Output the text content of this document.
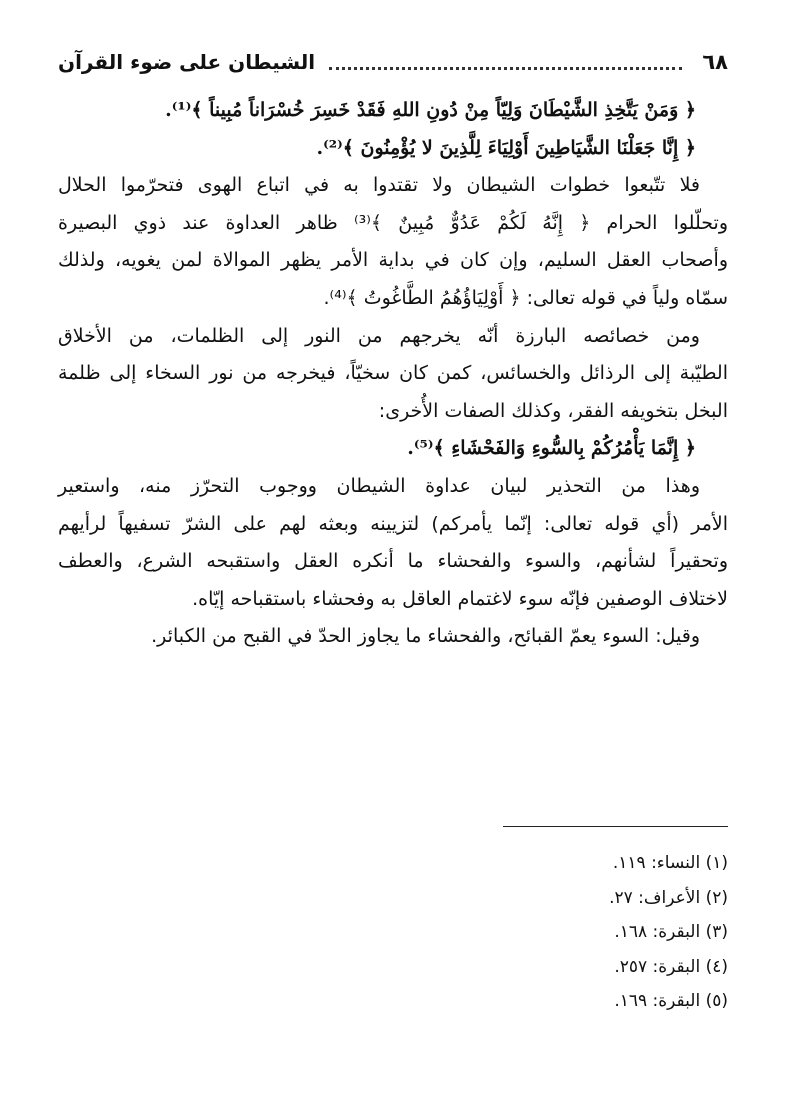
٦٨
الشيطان على ضوء القرآن
﴿ وَمَنْ يَتَّخِذِ الشَّيْطَانَ وَلِيّاً مِنْ دُونِ اللهِ فَقَدْ خَسِرَ خُسْرَاناً مُبِيناً ﴾⁽¹⁾.
﴿ إِنَّا جَعَلْنَا الشَّيَاطِينَ أَوْلِيَاءَ لِلَّذِينَ لا يُؤْمِنُونَ ﴾⁽²⁾.
فلا تتّبعوا خطوات الشيطان ولا تقتدوا به في اتباع الهوى فتحرّموا الحلال
وتحلّلوا الحرام ﴿ إِنَّهُ لَكُمْ عَدُوٌّ مُبِينٌ ﴾⁽³⁾ ظاهر العداوة عند ذوي البصيرة
وأصحاب العقل السليم، وإن كان في بداية الأمر يظهر الموالاة لمن يغويه، ولذلك
سمّاه ولياً في قوله تعالى: ﴿ أَوْلِيَاؤُهُمُ الطَّاغُوتُ ﴾⁽⁴⁾.
ومن خصائصه البارزة أنّه يخرجهم من النور إلى الظلمات، من الأخلاق
الطيّبة إلى الرذائل والخسائس، كمن كان سخيّاً، فيخرجه من نور السخاء إلى ظلمة
البخل بتخويفه الفقر، وكذلك الصفات الأُخرى:
﴿ إِنَّمَا يَأْمُرُكُمْ بِالسُّوءِ وَالفَحْشَاءِ ﴾⁽⁵⁾.
وهذا من التحذير لبيان عداوة الشيطان ووجوب التحرّز منه، واستعير
الأمر (أي قوله تعالى: إنّما يأمركم) لتزيينه وبعثه لهم على الشرّ تسفيهاً لرأيهم
وتحقيراً لشأنهم، والسوء والفحشاء ما أنكره العقل واستقبحه الشرع، والعطف
لاختلاف الوصفين فإنّه سوء لاغتمام العاقل به وفحشاء باستقباحه إيّاه.
وقيل: السوء يعمّ القبائح، والفحشاء ما يجاوز الحدّ في القبح من الكبائر.
(١) النساء: ١١٩.
(٢) الأعراف: ٢٧.
(٣) البقرة: ١٦٨.
(٤) البقرة: ٢٥٧.
(٥) البقرة: ١٦٩.
